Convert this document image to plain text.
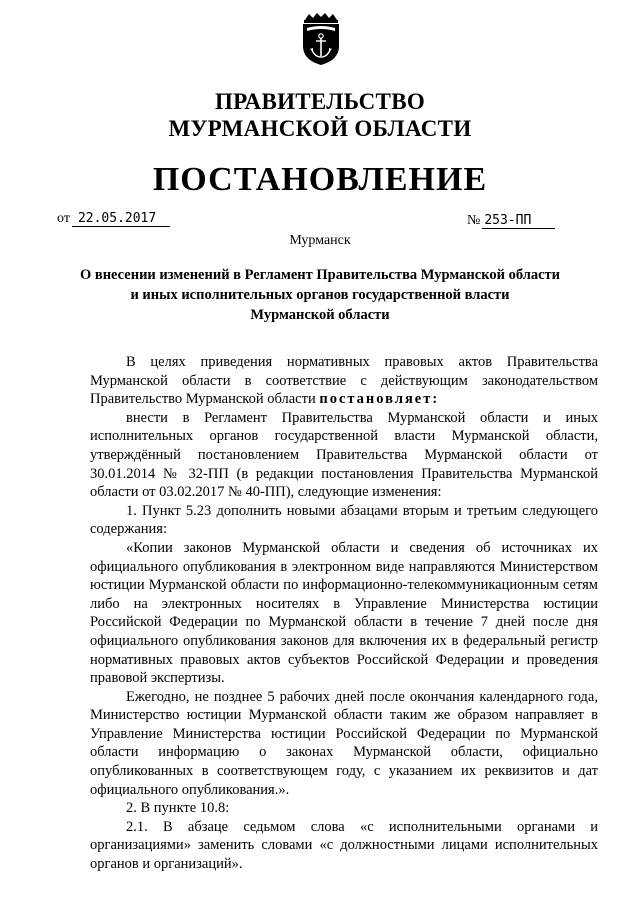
ПРАВИТЕЛЬСТВО
МУРМАНСКОЙ ОБЛАСТИ
ПОСТАНОВЛЕНИЕ
от 22.05.2017	№ 253-ПП
Мурманск
О внесении изменений в Регламент Правительства Мурманской области
и иных исполнительных органов государственной власти
Мурманской области

В целях приведения нормативных правовых актов Правительства Мурманской области в соответствие с действующим законодательством Правительство Мурманской области постановляет:

внести в Регламент Правительства Мурманской области и иных исполнительных органов государственной власти Мурманской области, утверждённый постановлением Правительства Мурманской области от 30.01.2014 № 32-ПП (в редакции постановления Правительства Мурманской области от 03.02.2017 № 40-ПП), следующие изменения:

1. Пункт 5.23 дополнить новыми абзацами вторым и третьим следующего содержания:

«Копии законов Мурманской области и сведения об источниках их официального опубликования в электронном виде направляются Министерством юстиции Мурманской области по информационно-телекоммуникационным сетям либо на электронных носителях в Управление Министерства юстиции Российской Федерации по Мурманской области в течение 7 дней после дня официального опубликования законов для включения их в федеральный регистр нормативных правовых актов субъектов Российской Федерации и проведения правовой экспертизы.

Ежегодно, не позднее 5 рабочих дней после окончания календарного года, Министерство юстиции Мурманской области таким же образом направляет в Управление Министерства юстиции Российской Федерации по Мурманской области информацию о законах Мурманской области, официально опубликованных в соответствующем году, с указанием их реквизитов и дат официального опубликования.».

2. В пункте 10.8:

2.1. В абзаце седьмом слова «с исполнительными органами и организациями» заменить словами «с должностными лицами исполнительных органов и организаций».
